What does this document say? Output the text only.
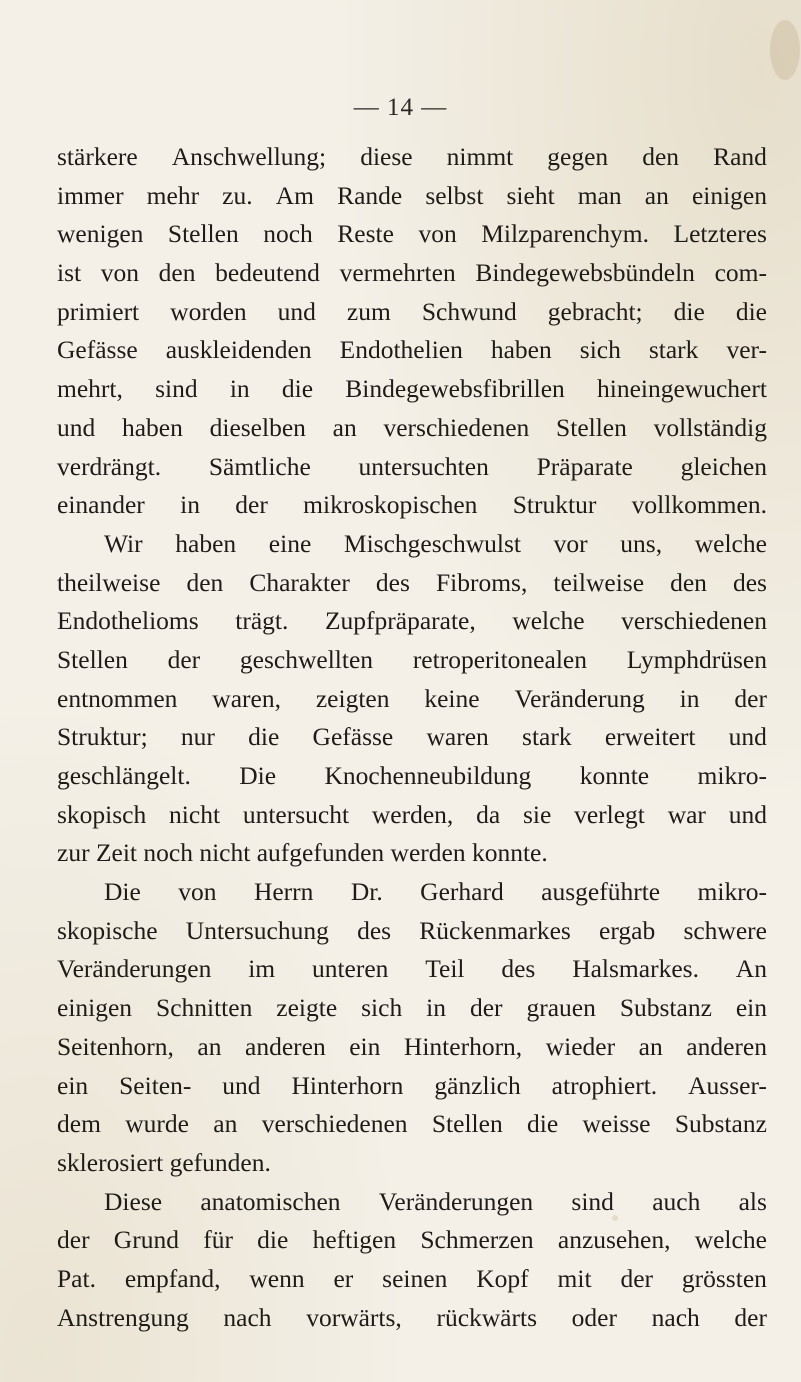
— 14 —
stärkere Anschwellung; diese nimmt gegen den Rand
immer mehr zu. Am Rande selbst sieht man an einigen
wenigen Stellen noch Reste von Milzparenchym. Letzteres
ist von den bedeutend vermehrten Bindegewebsbündeln com-
primiert worden und zum Schwund gebracht; die die
Gefässe auskleidenden Endothelien haben sich stark ver-
mehrt, sind in die Bindegewebsfibrillen hineingewuchert
und haben dieselben an verschiedenen Stellen vollständig
verdrängt. Sämtliche untersuchten Präparate gleichen
einander in der mikroskopischen Struktur vollkommen.
Wir haben eine Mischgeschwulst vor uns, welche
theilweise den Charakter des Fibroms, teilweise den des
Endothelioms trägt. Zupfpräparate, welche verschiedenen
Stellen der geschwellten retroperitonealen Lymphdrüsen
entnommen waren, zeigten keine Veränderung in der
Struktur; nur die Gefässe waren stark erweitert und
geschlängelt. Die Knochenneubildung konnte mikro-
skopisch nicht untersucht werden, da sie verlegt war und
zur Zeit noch nicht aufgefunden werden konnte.
Die von Herrn Dr. Gerhard ausgeführte mikro-
skopische Untersuchung des Rückenmarkes ergab schwere
Veränderungen im unteren Teil des Halsmarkes. An
einigen Schnitten zeigte sich in der grauen Substanz ein
Seitenhorn, an anderen ein Hinterhorn, wieder an anderen
ein Seiten- und Hinterhorn gänzlich atrophiert. Ausser-
dem wurde an verschiedenen Stellen die weisse Substanz
sklerosiert gefunden.
Diese anatomischen Veränderungen sind auch als
der Grund für die heftigen Schmerzen anzusehen, welche
Pat. empfand, wenn er seinen Kopf mit der grössten
Anstrengung nach vorwärts, rückwärts oder nach der
